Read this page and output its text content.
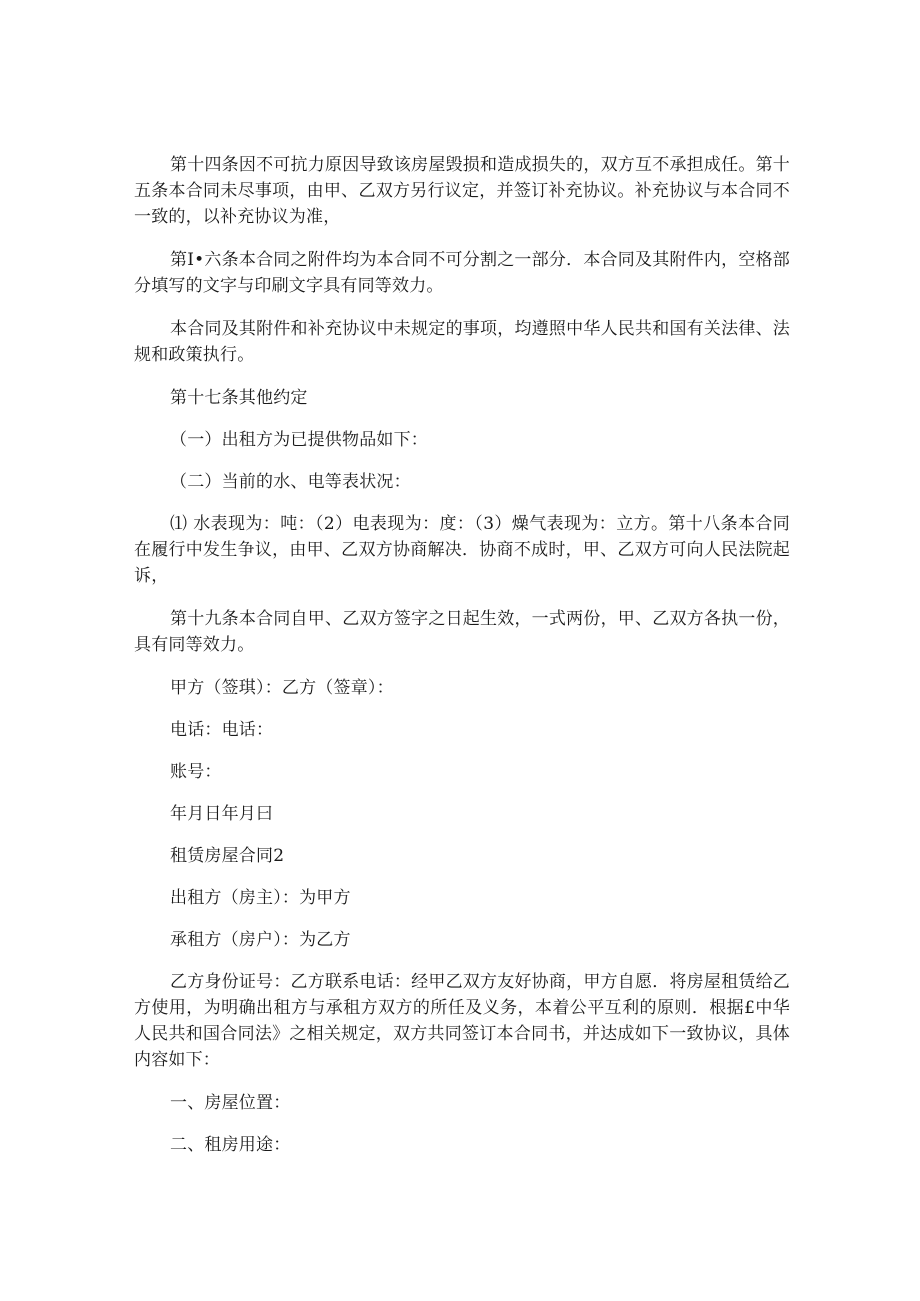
第十四条因不可抗力原因导致该房屋毁损和造成损失的，双方互不承担成任。第十五条本合同未尽事项，由甲、乙双方另行议定，并签订补充协议。补充协议与本合同不一致的，以补充协议为准，

第Ⅰ•六条本合同之附件均为本合同不可分割之一部分．本合同及其附件内，空格部分填写的文字与印刷文字具有同等效力。

本合同及其附件和补充协议中未规定的事项，均遵照中华人民共和国有关法律、法规和政策执行。

第十七条其他约定

（一）出租方为已提供物品如下：

（二）当前的水、电等表状况：

⑴ 水表现为：吨：（2）电表现为：度：（3）燥气表现为：立方。第十八条本合同在履行中发生争议，由甲、乙双方协商解决．协商不成时，甲、乙双方可向人民法院起诉，

第十九条本合同自甲、乙双方签字之日起生效，一式两份，甲、乙双方各执一份，具有同等效力。

甲方（签琪）：乙方（签章）：

电话：电话：

账号：

年月日年月曰

租赁房屋合同2

出租方（房主）：为甲方

承租方（房户）：为乙方

乙方身份证号：乙方联系电话：经甲乙双方友好协商，甲方自愿．将房屋租赁给乙方使用，为明确出租方与承租方双方的所任及义务，本着公平互利的原则．根据£中华人民共和国合同法》之相关规定，双方共同签订本合同书，并达成如下一致协议，具体内容如下：

一、房屋位置：

二、租房用途：
